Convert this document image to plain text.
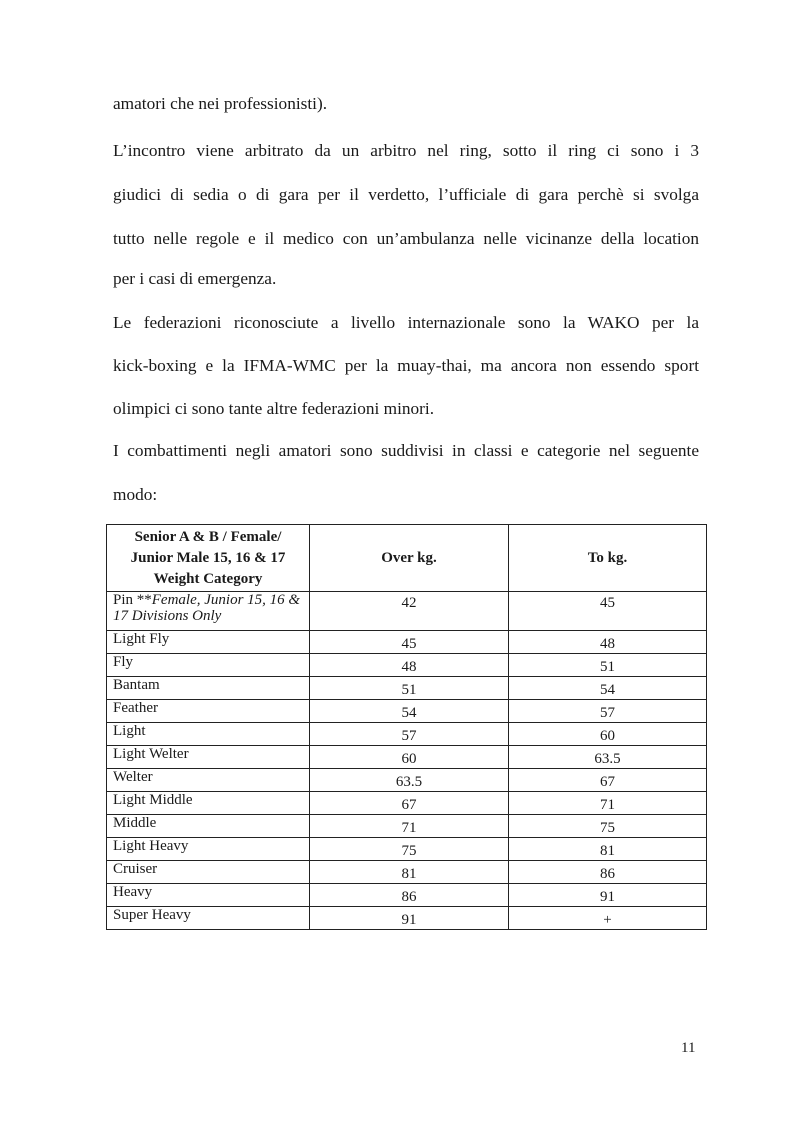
amatori che nei professionisti).
L’incontro viene arbitrato da un arbitro nel ring, sotto il ring ci sono i 3
giudici di sedia o di gara per il verdetto, l’ufficiale di gara perchè si svolga
tutto nelle regole e il medico con un’ambulanza nelle vicinanze della location
per i casi di emergenza.
Le federazioni riconosciute a livello internazionale sono la WAKO per la
kick-boxing e la IFMA-WMC per la muay-thai, ma ancora non essendo sport
olimpici ci sono tante altre federazioni minori.
I combattimenti negli amatori sono suddivisi in classi e categorie nel seguente
modo:
Senior A & B / Female/
Junior Male 15, 16 & 17
Weight Category	Over kg.	To kg.
Pin **Female, Junior 15, 16 & 17 Divisions Only	42	45
Light Fly	45	48
Fly	48	51
Bantam	51	54
Feather	54	57
Light	57	60
Light Welter	60	63.5
Welter	63.5	67
Light Middle	67	71
Middle	71	75
Light Heavy	75	81
Cruiser	81	86
Heavy	86	91
Super Heavy	91	+
11
